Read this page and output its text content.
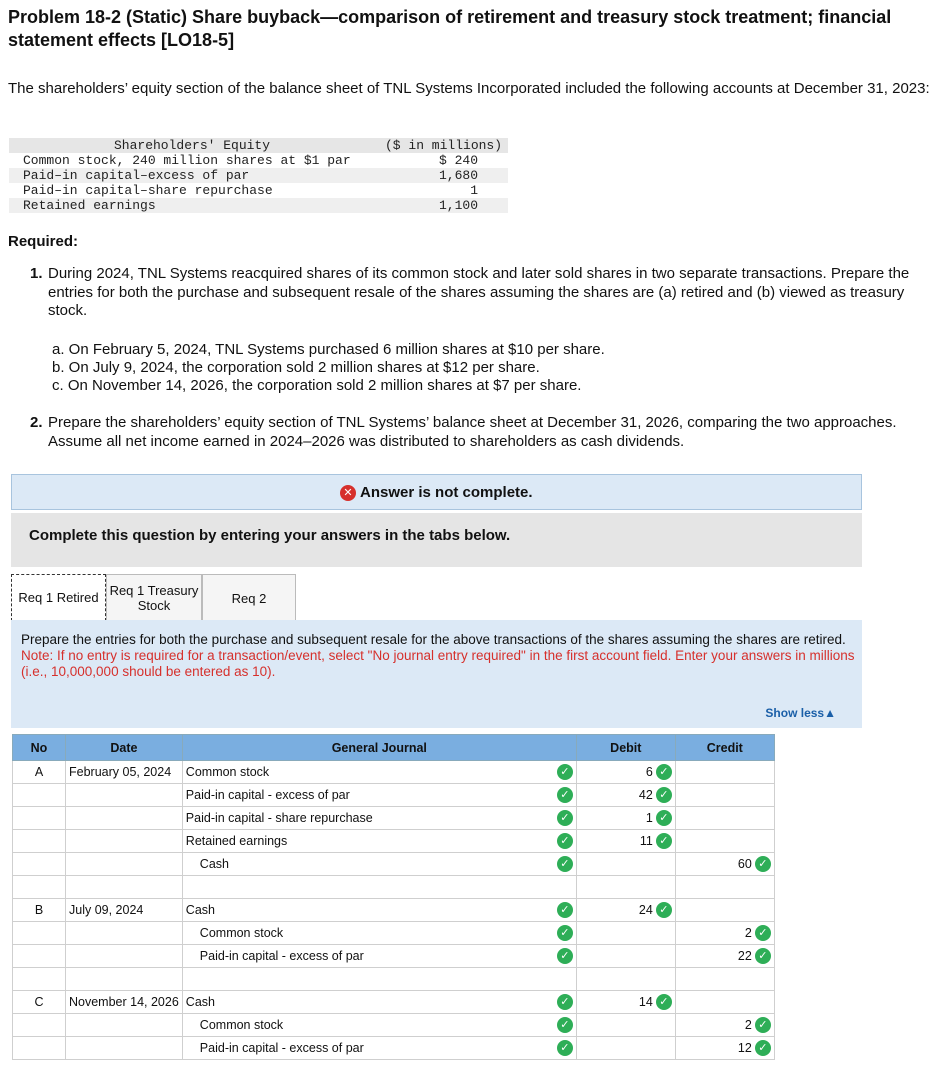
Problem 18-2 (Static) Share buyback—comparison of retirement and treasury stock treatment; financial statement effects [LO18-5]
The shareholders’ equity section of the balance sheet of TNL Systems Incorporated included the following accounts at December 31, 2023:
Shareholders' Equity	($ in millions)
Common stock, 240 million shares at $1 par	$ 240
Paid–in capital–excess of par	1,680
Paid–in capital–share repurchase	1
Retained earnings	1,100
Required:
1. During 2024, TNL Systems reacquired shares of its common stock and later sold shares in two separate transactions. Prepare the entries for both the purchase and subsequent resale of the shares assuming the shares are (a) retired and (b) viewed as treasury stock.
a. On February 5, 2024, TNL Systems purchased 6 million shares at $10 per share.
b. On July 9, 2024, the corporation sold 2 million shares at $12 per share.
c. On November 14, 2026, the corporation sold 2 million shares at $7 per share.
2. Prepare the shareholders’ equity section of TNL Systems’ balance sheet at December 31, 2026, comparing the two approaches. Assume all net income earned in 2024–2026 was distributed to shareholders as cash dividends.
✕ Answer is not complete.
Complete this question by entering your answers in the tabs below.
Req 1 Retired Req 1 Treasury
Stock	Req 2
Prepare the entries for both the purchase and subsequent resale for the above transactions of the shares assuming the shares are retired.
Note: If no entry is required for a transaction/event, select "No journal entry required" in the first account field. Enter your answers in millions (i.e., 10,000,000 should be entered as 10).
Show less▲
No	Date	General Journal	Debit	Credit
A	February 05, 2024	Common stock ✓	6 ✓	

		Paid-in capital - excess of par ✓	42 ✓	

		Paid-in capital - share repurchase ✓	1 ✓	

		Retained earnings ✓	11 ✓	

		Cash ✓		60 ✓

B	July 09, 2024	Cash ✓	24 ✓	

		Common stock ✓		2 ✓

		Paid-in capital - excess of par ✓		22 ✓

C	November 14, 2026	Cash ✓	14 ✓	

		Common stock ✓		2 ✓

		Paid-in capital - excess of par ✓		12 ✓
